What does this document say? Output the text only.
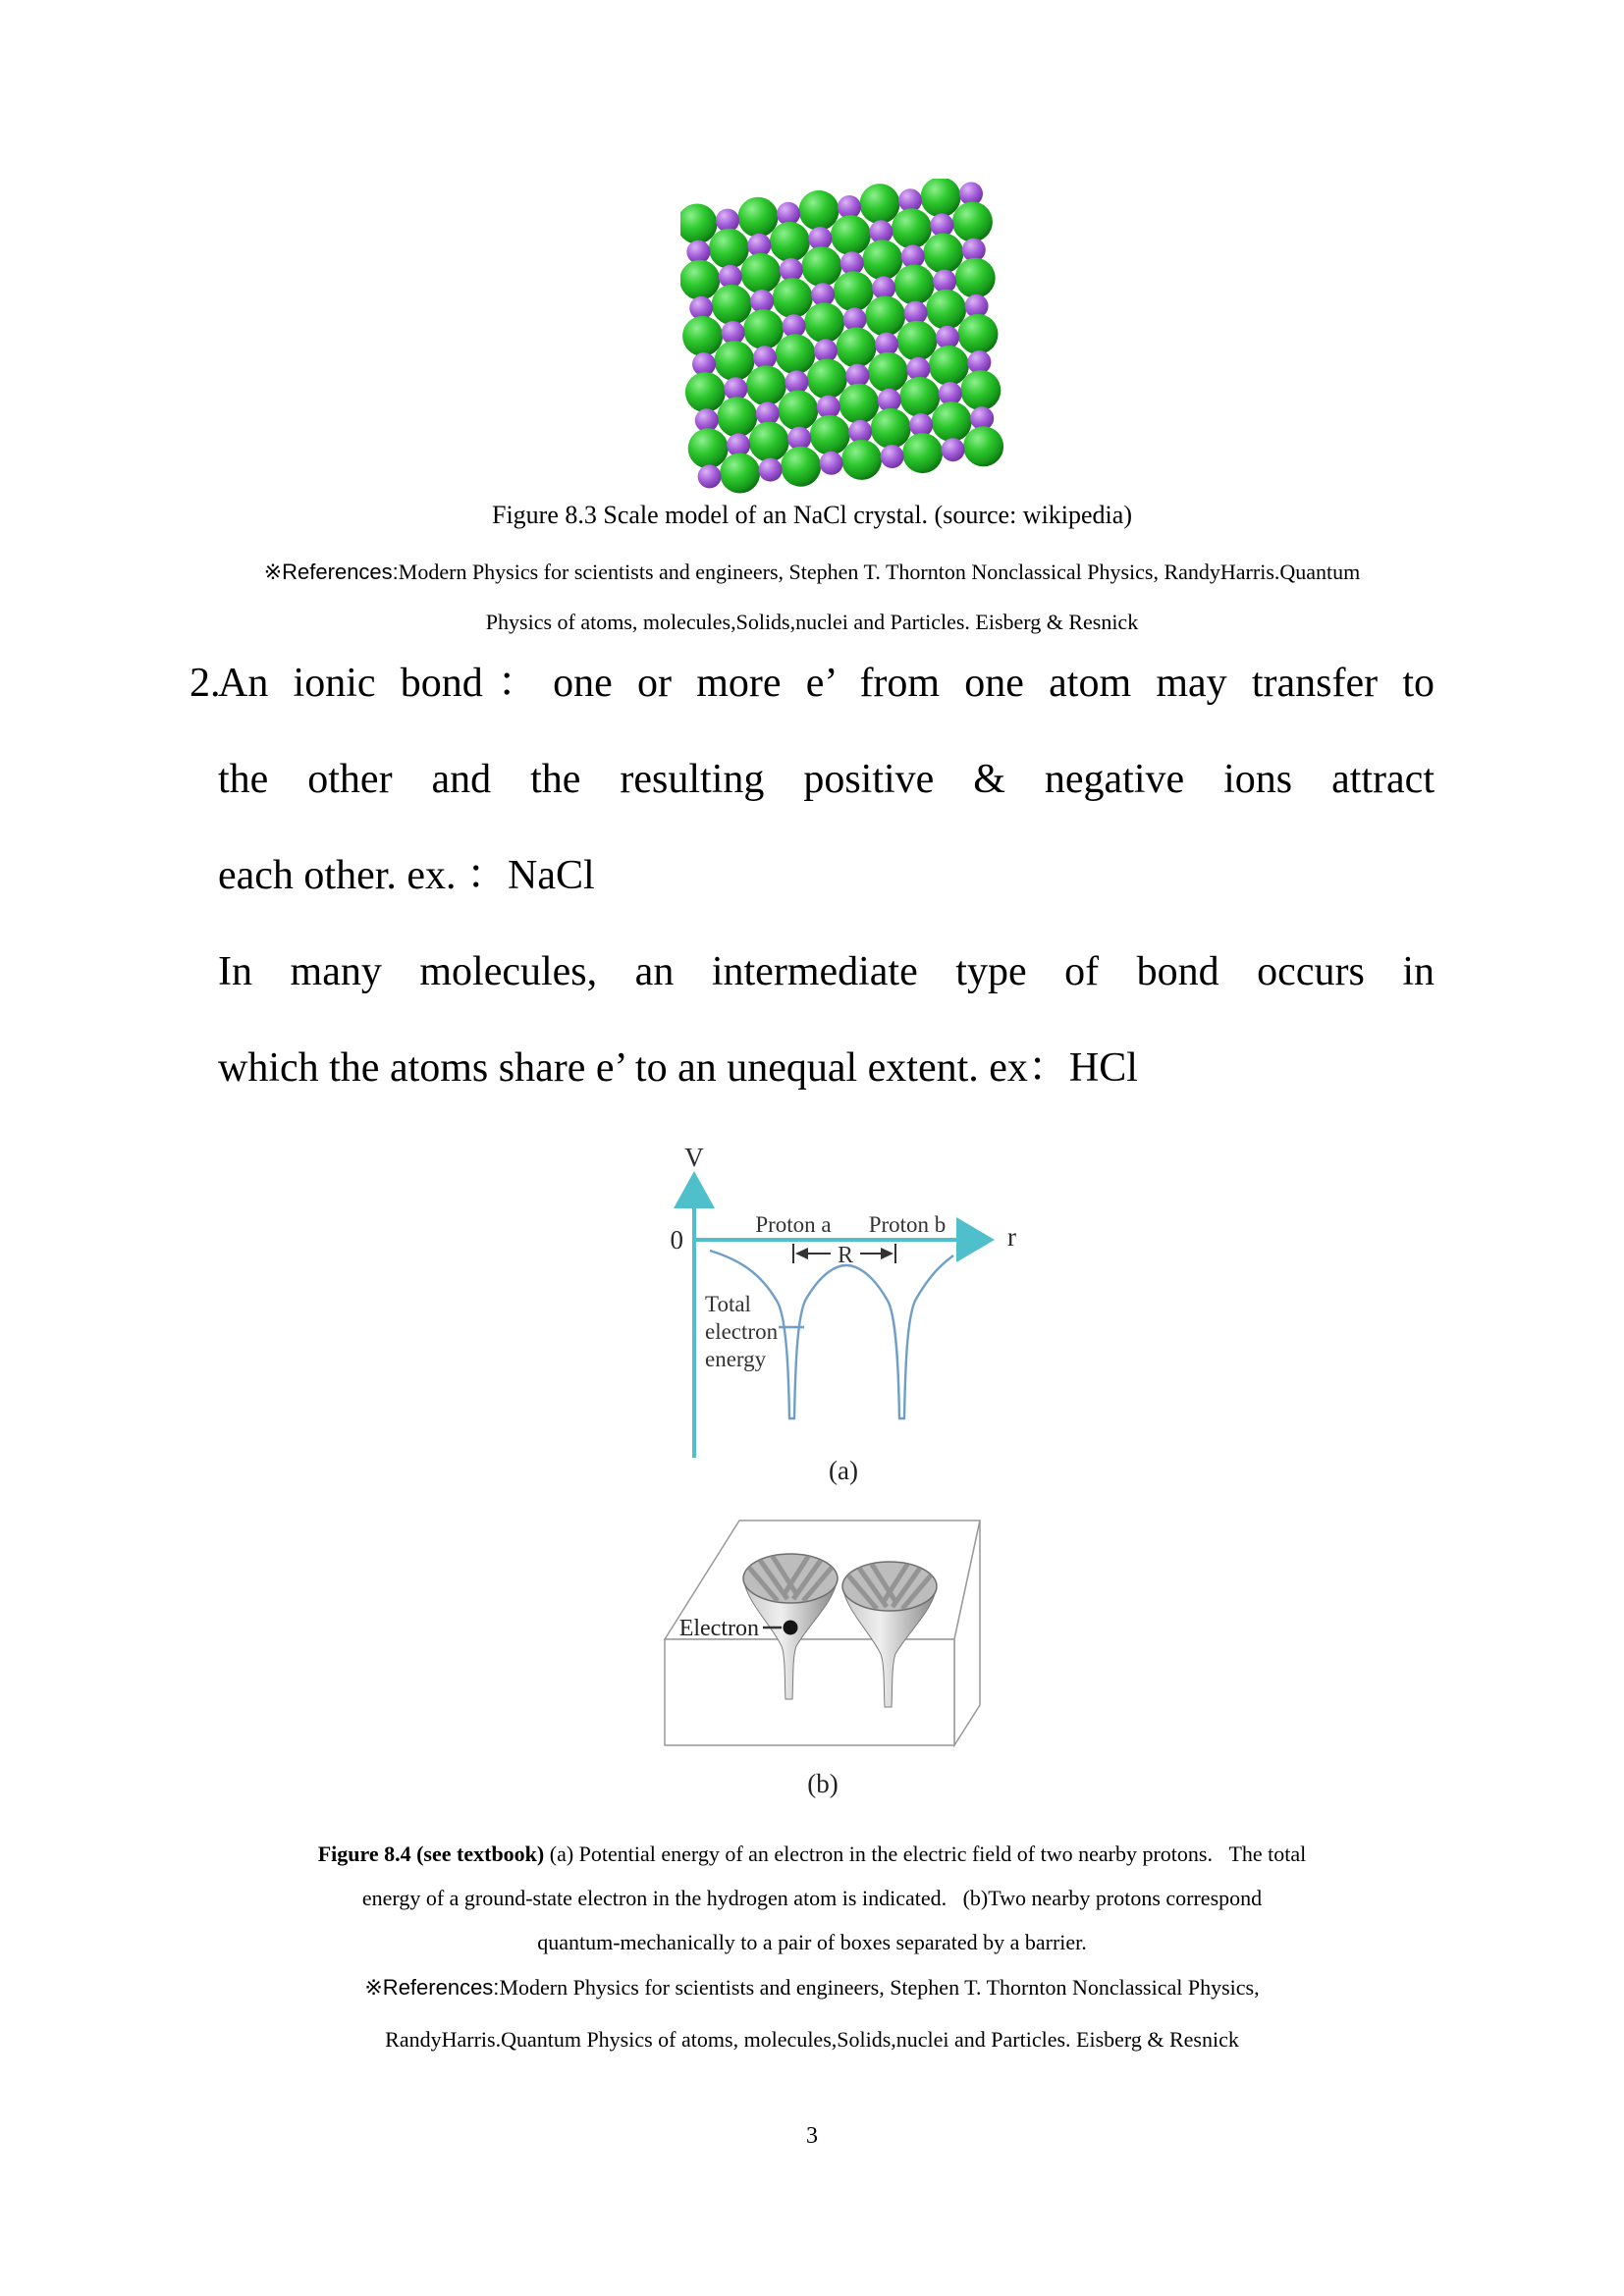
Figure 8.3 Scale model of an NaCl crystal. (source: wikipedia)
※References:Modern Physics for scientists and engineers, Stephen T. Thornton Nonclassical Physics, RandyHarris.Quantum
Physics of atoms, molecules,Solids,nuclei and Particles. Eisberg & Resnick
2.
An ionic bond：one or more e’ from one atom may transfer to
the other and the resulting positive & negative ions attract
each other. ex. ：NaCl
In many molecules, an intermediate type of bond occurs in
which the atoms share e’ to an unequal extent. ex：HCl
V
0	r
Proton a Proton b
R
Total
electron
energy
(a)
Electron
(b)
Figure 8.4 (see textbook) (a) Potential energy of an electron in the electric field of two nearby protons.   The total
energy of a ground-state electron in the hydrogen atom is indicated.   (b)Two nearby protons correspond
quantum-mechanically to a pair of boxes separated by a barrier.
※References:Modern Physics for scientists and engineers, Stephen T. Thornton Nonclassical Physics,
RandyHarris.Quantum Physics of atoms, molecules,Solids,nuclei and Particles. Eisberg & Resnick
3
